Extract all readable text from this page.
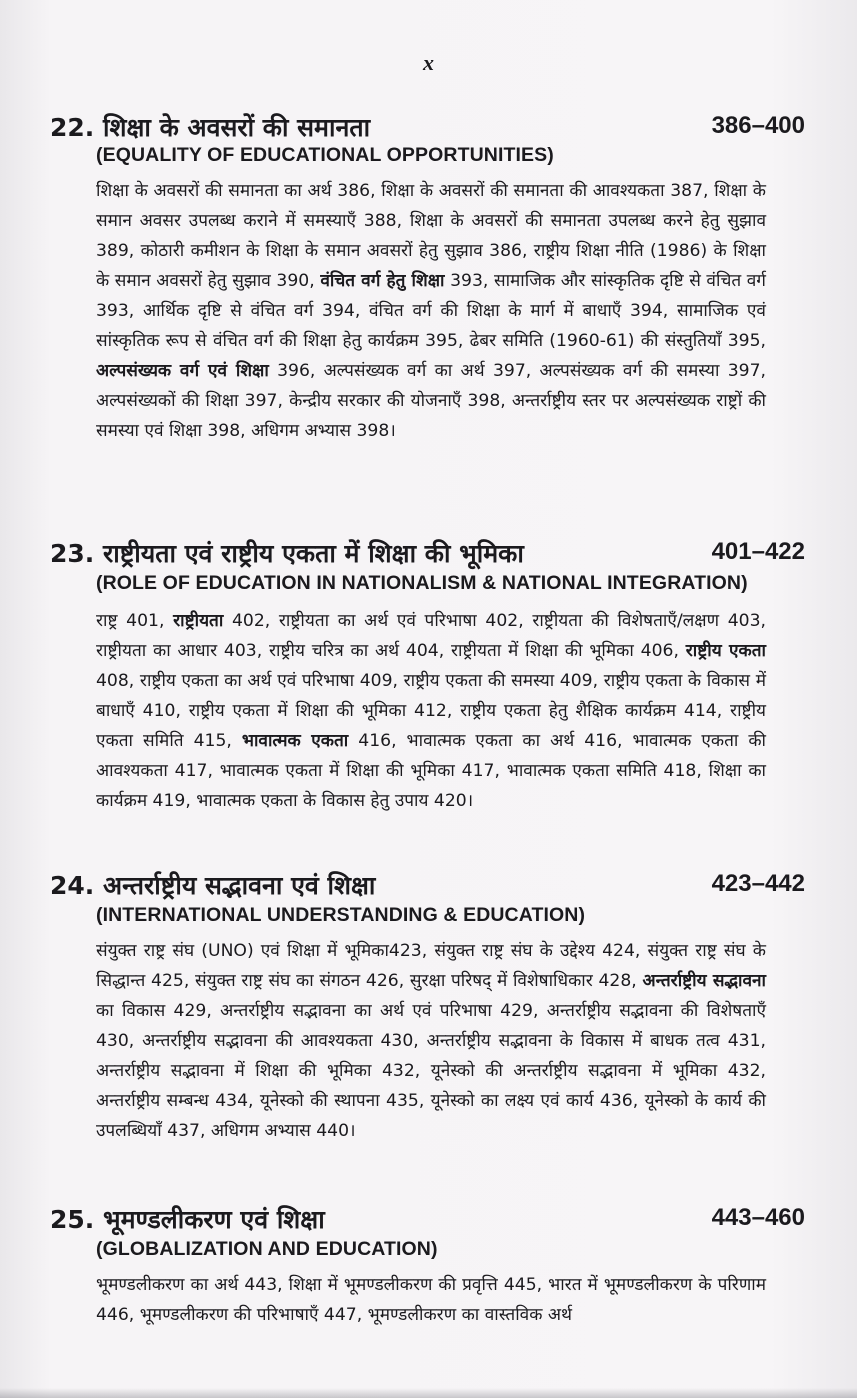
x
22. शिक्षा के अवसरों की समानता	386–400
(EQUALITY OF EDUCATIONAL OPPORTUNITIES)
शिक्षा के अवसरों की समानता का अर्थ 386, शिक्षा के अवसरों की समानता की आवश्यकता 387, शिक्षा के समान अवसर उपलब्ध कराने में समस्याएँ 388, शिक्षा के अवसरों की समानता उपलब्ध करने हेतु सुझाव 389, कोठारी कमीशन के शिक्षा के समान अवसरों हेतु सुझाव 386, राष्ट्रीय शिक्षा नीति (1986) के शिक्षा के समान अवसरों हेतु सुझाव 390, वंचित वर्ग हेतु शिक्षा 393, सामाजिक और सांस्कृतिक दृष्टि से वंचित वर्ग 393, आर्थिक दृष्टि से वंचित वर्ग 394, वंचित वर्ग की शिक्षा के मार्ग में बाधाएँ 394, सामाजिक एवं सांस्कृतिक रूप से वंचित वर्ग की शिक्षा हेतु कार्यक्रम 395, ढेबर समिति (1960-61) की संस्तुतियाँ 395, अल्पसंख्यक वर्ग एवं शिक्षा 396, अल्पसंख्यक वर्ग का अर्थ 397, अल्पसंख्यक वर्ग की समस्या 397, अल्पसंख्यकों की शिक्षा 397, केन्द्रीय सरकार की योजनाएँ 398, अन्तर्राष्ट्रीय स्तर पर अल्पसंख्यक राष्ट्रों की समस्या एवं शिक्षा 398, अधिगम अभ्यास 398।
23. राष्ट्रीयता एवं राष्ट्रीय एकता में शिक्षा की भूमिका	401–422
(ROLE OF EDUCATION IN NATIONALISM & NATIONAL INTEGRATION)
राष्ट्र 401, राष्ट्रीयता 402, राष्ट्रीयता का अर्थ एवं परिभाषा 402, राष्ट्रीयता की विशेषताएँ/लक्षण 403, राष्ट्रीयता का आधार 403, राष्ट्रीय चरित्र का अर्थ 404, राष्ट्रीयता में शिक्षा की भूमिका 406, राष्ट्रीय एकता 408, राष्ट्रीय एकता का अर्थ एवं परिभाषा 409, राष्ट्रीय एकता की समस्या 409, राष्ट्रीय एकता के विकास में बाधाएँ 410, राष्ट्रीय एकता में शिक्षा की भूमिका 412, राष्ट्रीय एकता हेतु शैक्षिक कार्यक्रम 414, राष्ट्रीय एकता समिति 415, भावात्मक एकता 416, भावात्मक एकता का अर्थ 416, भावात्मक एकता की आवश्यकता 417, भावात्मक एकता में शिक्षा की भूमिका 417, भावात्मक एकता समिति 418, शिक्षा का कार्यक्रम 419, भावात्मक एकता के विकास हेतु उपाय 420।
24. अन्तर्राष्ट्रीय सद्भावना एवं शिक्षा	423–442
(INTERNATIONAL UNDERSTANDING & EDUCATION)
संयुक्त राष्ट्र संघ (UNO) एवं शिक्षा में भूमिका423, संयुक्त राष्ट्र संघ के उद्देश्य 424, संयुक्त राष्ट्र संघ के सिद्धान्त 425, संयुक्त राष्ट्र संघ का संगठन 426, सुरक्षा परिषद् में विशेषाधिकार 428, अन्तर्राष्ट्रीय सद्भावना का विकास 429, अन्तर्राष्ट्रीय सद्भावना का अर्थ एवं परिभाषा 429, अन्तर्राष्ट्रीय सद्भावना की विशेषताएँ 430, अन्तर्राष्ट्रीय सद्भावना की आवश्यकता 430, अन्तर्राष्ट्रीय सद्भावना के विकास में बाधक तत्व 431, अन्तर्राष्ट्रीय सद्भावना में शिक्षा की भूमिका 432, यूनेस्को की अन्तर्राष्ट्रीय सद्भावना में भूमिका 432, अन्तर्राष्ट्रीय सम्बन्ध 434, यूनेस्को की स्थापना 435, यूनेस्को का लक्ष्य एवं कार्य 436, यूनेस्को के कार्य की उपलब्धियाँ 437, अधिगम अभ्यास 440।
25. भूमण्डलीकरण एवं शिक्षा	443–460
(GLOBALIZATION AND EDUCATION)
भूमण्डलीकरण का अर्थ 443, शिक्षा में भूमण्डलीकरण की प्रवृत्ति 445, भारत में भूमण्डलीकरण के परिणाम 446, भूमण्डलीकरण की परिभाषाएँ 447, भूमण्डलीकरण का वास्तविक अर्थ
